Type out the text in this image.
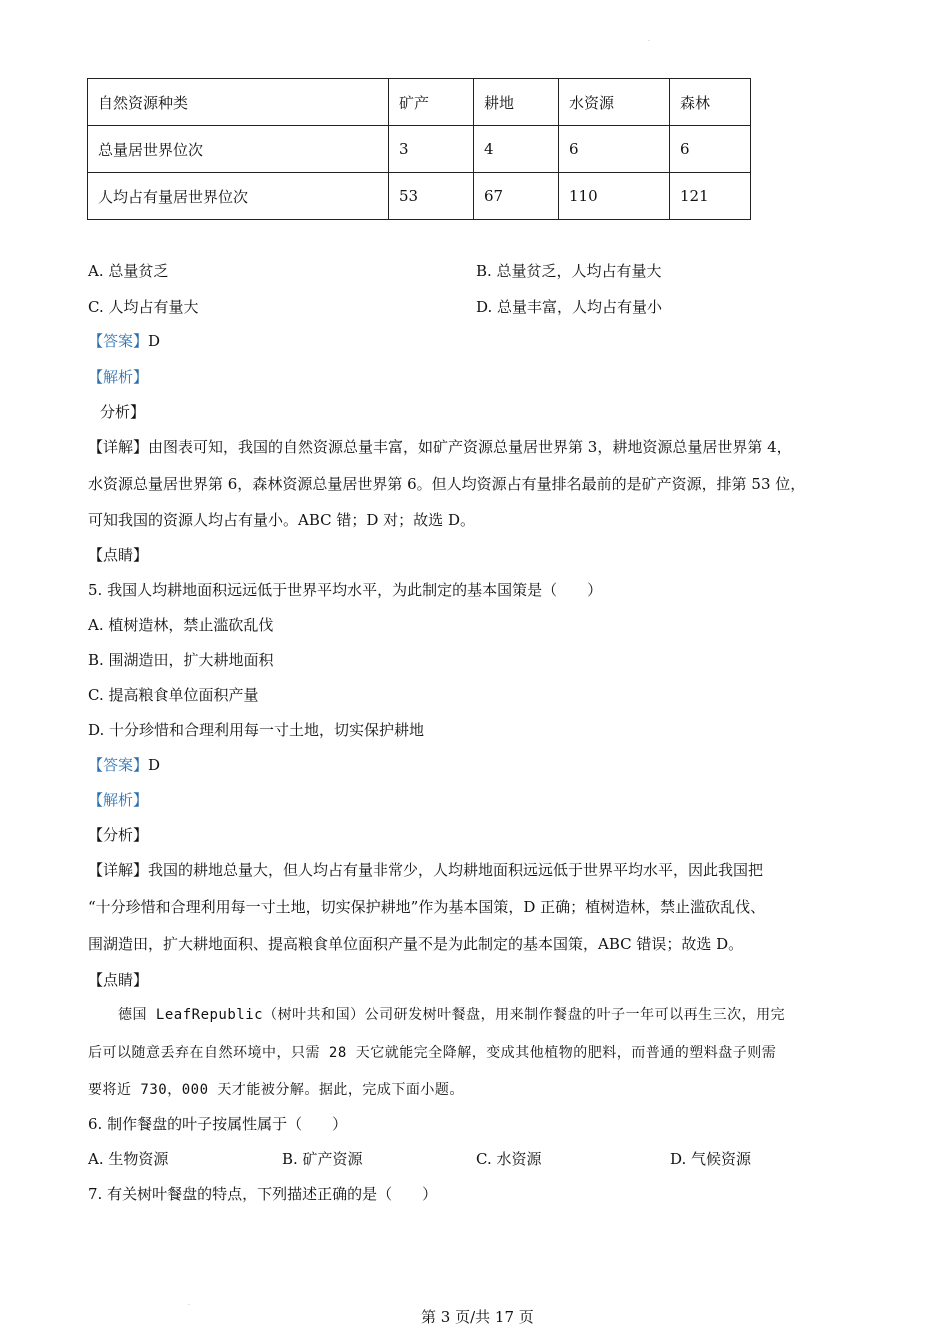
·
自然资源种类	矿产	耕地	水资源	森林
总量居世界位次	3	4	6	6
人均占有量居世界位次	53	67	110	121
A. 总量贫乏	B. 总量贫乏，人均占有量大
C. 人均占有量大	D. 总量丰富，人均占有量小
【答案】D
【解析】
分析】
【详解】由图表可知，我国的自然资源总量丰富，如矿产资源总量居世界第 3，耕地资源总量居世界第 4，
水资源总量居世界第 6，森林资源总量居世界第 6。但人均资源占有量排名最前的是矿产资源，排第 53 位，
可知我国的资源人均占有量小。ABC 错；D 对；故选 D。
【点睛】
5. 我国人均耕地面积远远低于世界平均水平，为此制定的基本国策是（　　）
A. 植树造林，禁止滥砍乱伐
B. 围湖造田，扩大耕地面积
C. 提高粮食单位面积产量
D. 十分珍惜和合理利用每一寸土地，切实保护耕地
【答案】D
【解析】
【分析】
【详解】我国的耕地总量大，但人均占有量非常少，人均耕地面积远远低于世界平均水平，因此我国把
“十分珍惜和合理利用每一寸土地，切实保护耕地”作为基本国策，D 正确；植树造林，禁止滥砍乱伐、
围湖造田，扩大耕地面积、提高粮食单位面积产量不是为此制定的基本国策，ABC 错误；故选 D。
【点睛】
德国 LeafRepublic（树叶共和国）公司研发树叶餐盘，用来制作餐盘的叶子一年可以再生三次，用完
后可以随意丢弃在自然环境中，只需 28 天它就能完全降解，变成其他植物的肥料，而普通的塑料盘子则需
要将近 730，000 天才能被分解。据此，完成下面小题。
6. 制作餐盘的叶子按属性属于（　　）
A. 生物资源	B. 矿产资源	C. 水资源	D. 气候资源
7. 有关树叶餐盘的特点，下列描述正确的是（　　）
·
第 3 页/共 17 页
